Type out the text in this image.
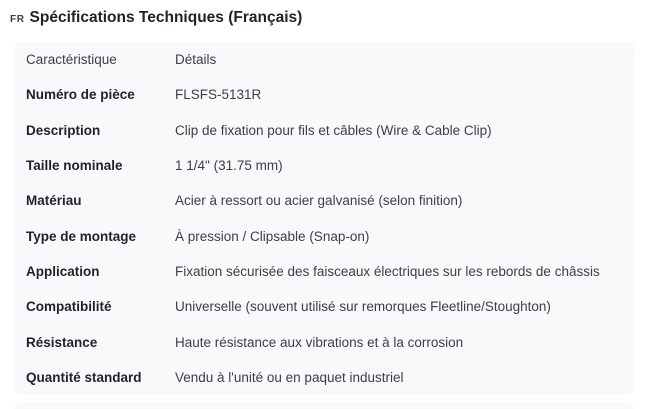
FR Spécifications Techniques (Français)
Caractéristique	Détails
Numéro de pièce	FLSFS-5131R
Description	Clip de fixation pour fils et câbles (Wire & Cable Clip)
Taille nominale	1 1/4" (31.75 mm)
Matériau	Acier à ressort ou acier galvanisé (selon finition)
Type de montage	À pression / Clipsable (Snap-on)
Application	Fixation sécurisée des faisceaux électriques sur les rebords de châssis
Compatibilité	Universelle (souvent utilisé sur remorques Fleetline/Stoughton)
Résistance	Haute résistance aux vibrations et à la corrosion
Quantité standard	Vendu à l'unité ou en paquet industriel
